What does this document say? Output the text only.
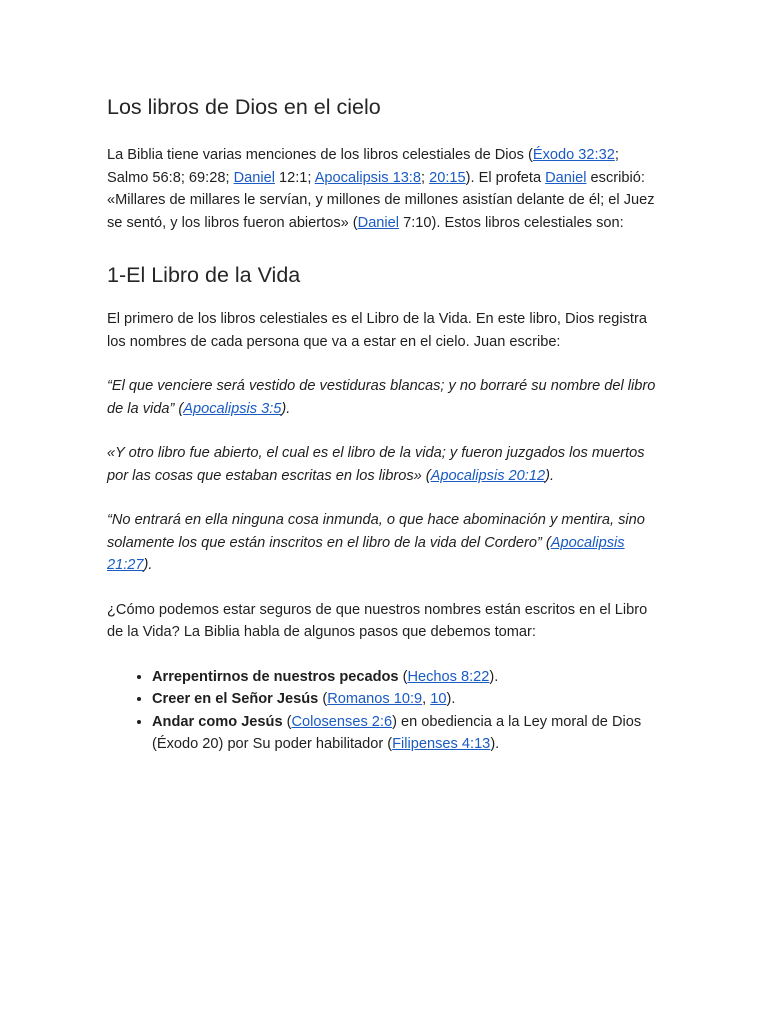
Los libros de Dios en el cielo

La Biblia tiene varias menciones de los libros celestiales de Dios (Éxodo 32:32; Salmo 56:8; 69:28; Daniel 12:1; Apocalipsis 13:8; 20:15). El profeta Daniel escribió: «Millares de millares le servían, y millones de millones asistían delante de él; el Juez se sentó, y los libros fueron abiertos» (Daniel 7:10). Estos libros celestiales son:

1-El Libro de la Vida

El primero de los libros celestiales es el Libro de la Vida. En este libro, Dios registra los nombres de cada persona que va a estar en el cielo. Juan escribe:

“El que venciere será vestido de vestiduras blancas; y no borraré su nombre del libro de la vida” (Apocalipsis 3:5).

«Y otro libro fue abierto, el cual es el libro de la vida; y fueron juzgados los muertos por las cosas que estaban escritas en los libros» (Apocalipsis 20:12).

“No entrará en ella ninguna cosa inmunda, o que hace abominación y mentira, sino solamente los que están inscritos en el libro de la vida del Cordero” (Apocalipsis 21:27).

¿Cómo podemos estar seguros de que nuestros nombres están escritos en el Libro de la Vida? La Biblia habla de algunos pasos que debemos tomar:

• Arrepentirnos de nuestros pecados (Hechos 8:22).
• Creer en el Señor Jesús (Romanos 10:9, 10).
• Andar como Jesús (Colosenses 2:6) en obediencia a la Ley moral de Dios (Éxodo 20) por Su poder habilitador (Filipenses 4:13).
